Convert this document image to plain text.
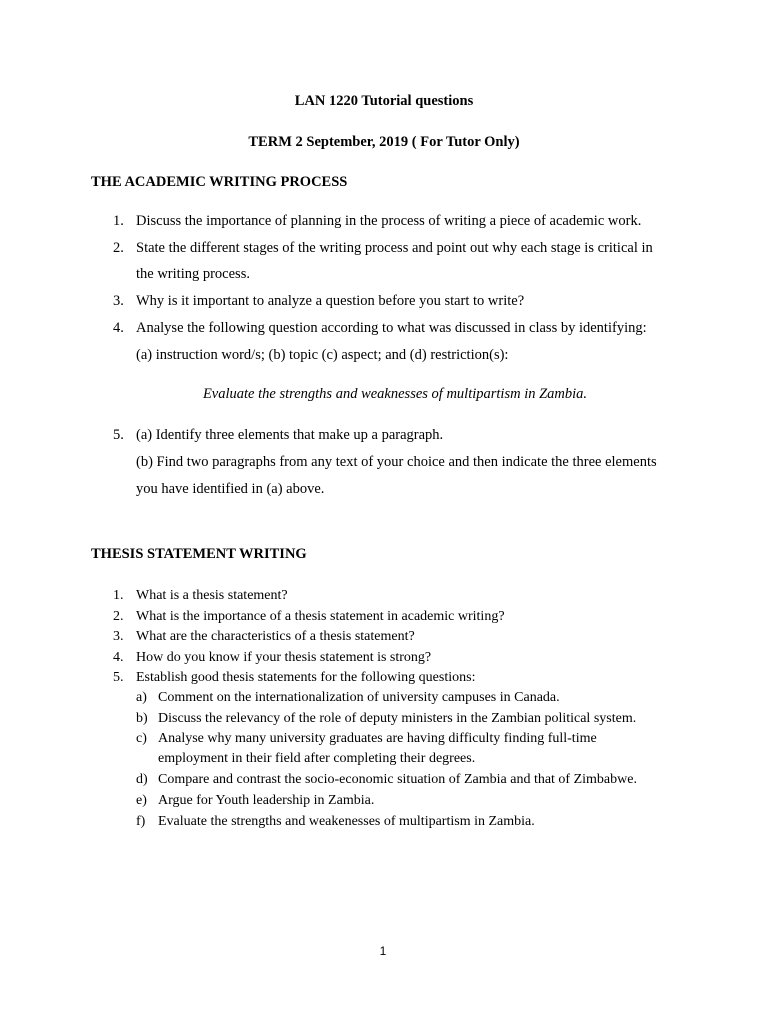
LAN 1220 Tutorial questions
TERM 2 September, 2019 ( For Tutor Only)
THE ACADEMIC WRITING PROCESS
1. Discuss the importance of planning in the process of writing a piece of academic work.
2. State the different stages of the writing process and point out why each stage is critical in
the writing process.
3. Why is it important to analyze a question before you start to write?
4. Analyse the following question according to what was discussed in class by identifying:
(a) instruction word/s; (b) topic (c) aspect; and (d) restriction(s):
Evaluate the strengths and weaknesses of multipartism in Zambia.
5. (a) Identify three elements that make up a paragraph.
(b) Find two paragraphs from any text of your choice and then indicate the three elements
you have identified in (a) above.
THESIS STATEMENT WRITING
1. What is a thesis statement?
2. What is the importance of a thesis statement in academic writing?
3. What are the characteristics of a thesis statement?
4. How do you know if your thesis statement is strong?
5. Establish good thesis statements for the following questions:
a) Comment on the internationalization of university campuses in Canada.
b) Discuss the relevancy of the role of deputy ministers in the Zambian political system.
c) Analyse why many university graduates are having difficulty finding full-time
employment in their field after completing their degrees.
d) Compare and contrast the socio-economic situation of Zambia and that of Zimbabwe.
e) Argue for Youth leadership in Zambia.
f) Evaluate the strengths and weakenesses of multipartism in Zambia.
1
